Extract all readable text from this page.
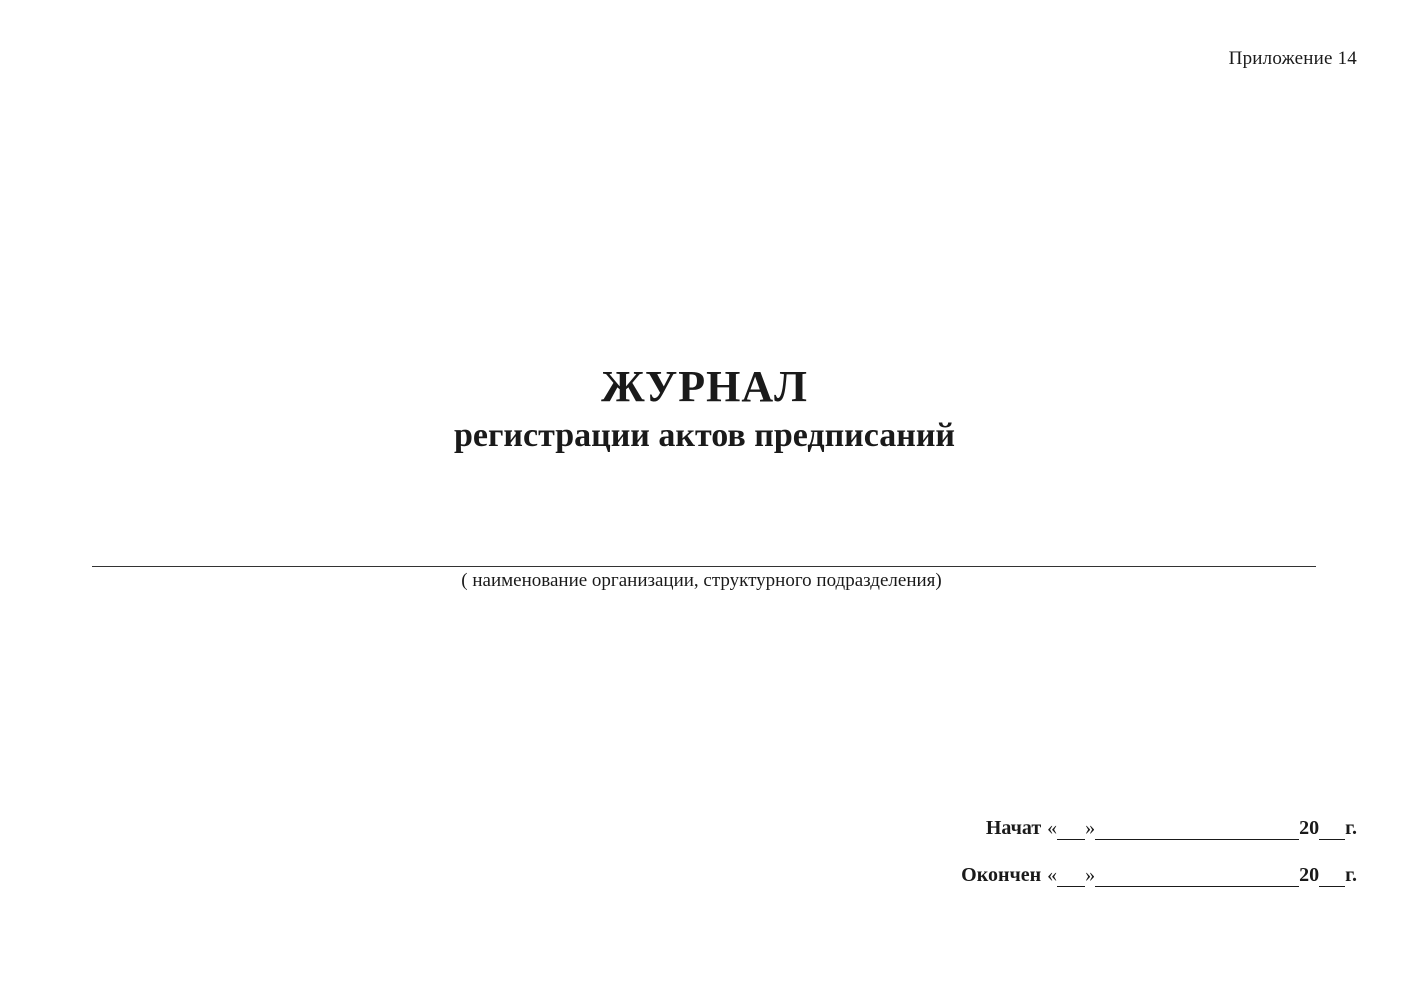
Приложение 14
ЖУРНАЛ
регистрации актов предписаний
( наименование организации, структурного подразделения)
Начат « »	20 г.
Окончен « »	20 г.
